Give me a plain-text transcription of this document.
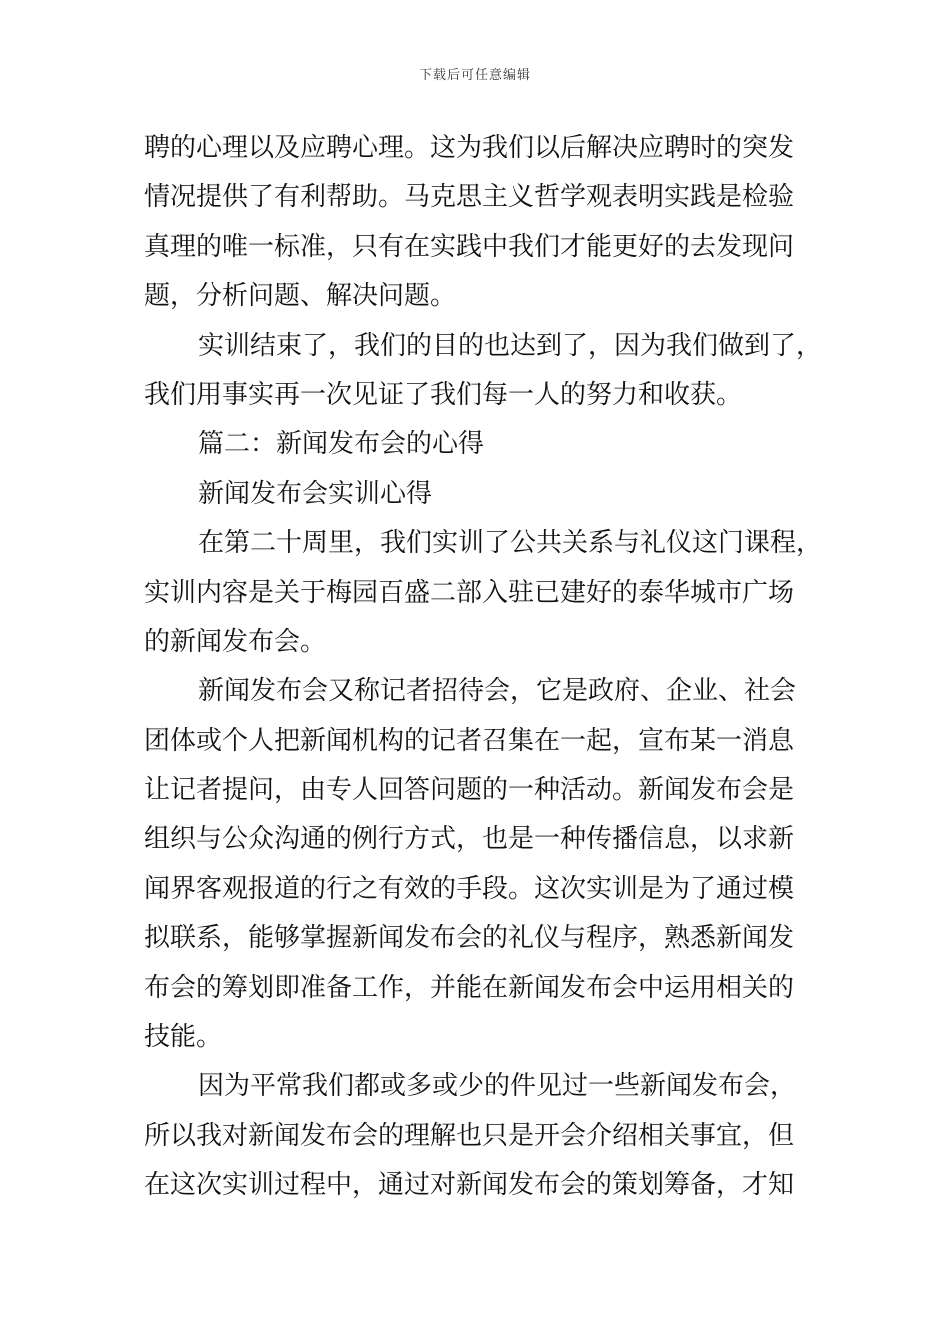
下载后可任意编辑
聘的心理以及应聘心理。这为我们以后解决应聘时的突发
情况提供了有利帮助。马克思主义哲学观表明实践是检验
真理的唯一标准，只有在实践中我们才能更好的去发现问
题，分析问题、解决问题。
实训结束了，我们的目的也达到了，因为我们做到了，
我们用事实再一次见证了我们每一人的努力和收获。
篇二：新闻发布会的心得
新闻发布会实训心得
在第二十周里，我们实训了公共关系与礼仪这门课程，
实训内容是关于梅园百盛二部入驻已建好的泰华城市广场
的新闻发布会。
新闻发布会又称记者招待会，它是政府、企业、社会
团体或个人把新闻机构的记者召集在一起，宣布某一消息
让记者提问，由专人回答问题的一种活动。新闻发布会是
组织与公众沟通的例行方式，也是一种传播信息，以求新
闻界客观报道的行之有效的手段。这次实训是为了通过模
拟联系，能够掌握新闻发布会的礼仪与程序，熟悉新闻发
布会的筹划即准备工作，并能在新闻发布会中运用相关的
技能。
因为平常我们都或多或少的件见过一些新闻发布会，
所以我对新闻发布会的理解也只是开会介绍相关事宜，但
在这次实训过程中，通过对新闻发布会的策划筹备，才知
